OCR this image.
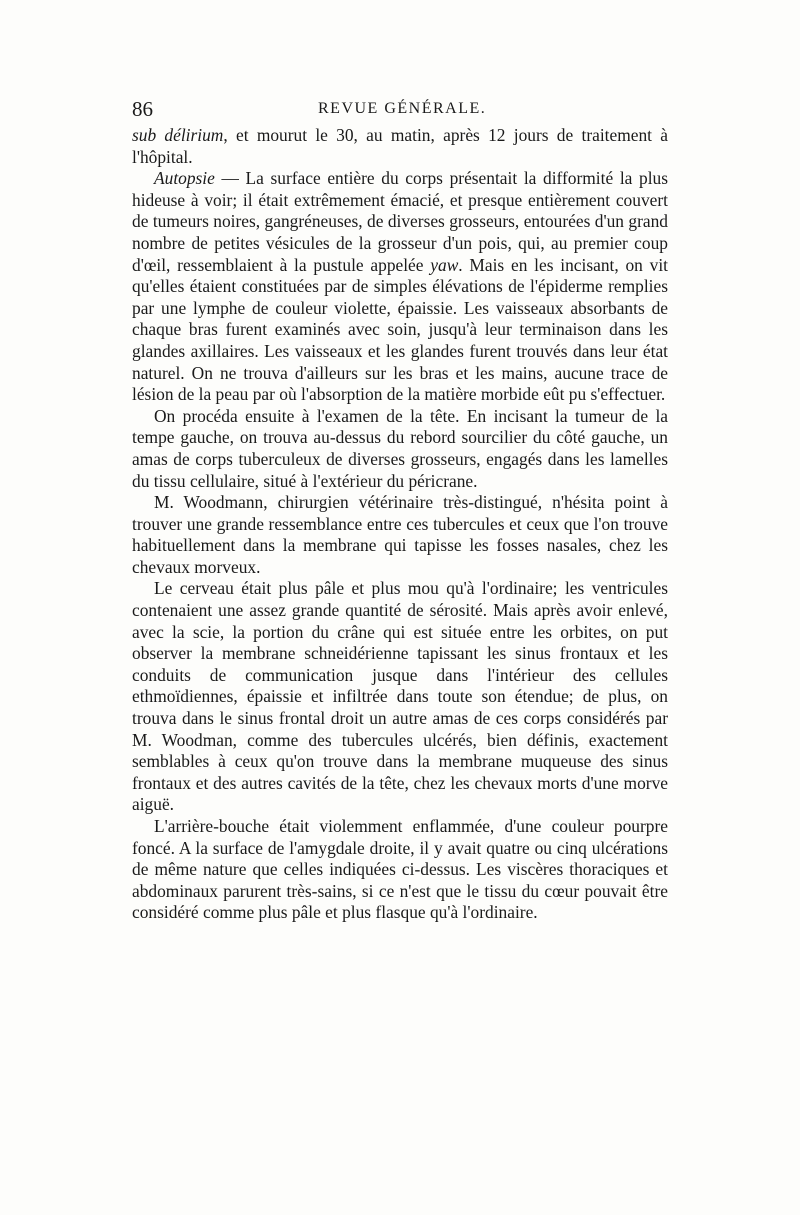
86	REVUE GÉNÉRALE.

sub délirium, et mourut le 30, au matin, après 12 jours de traitement à l'hôpital.

Autopsie — La surface entière du corps présentait la difformité la plus hideuse à voir; il était extrêmement émacié, et presque entièrement couvert de tumeurs noires, gangréneuses, de diverses grosseurs, entourées d'un grand nombre de petites vésicules de la grosseur d'un pois, qui, au premier coup d'œil, ressemblaient à la pustule appelée yaw. Mais en les incisant, on vit qu'elles étaient constituées par de simples élévations de l'épiderme remplies par une lymphe de couleur violette, épaissie. Les vaisseaux absorbants de chaque bras furent examinés avec soin, jusqu'à leur terminaison dans les glandes axillaires. Les vaisseaux et les glandes furent trouvés dans leur état naturel. On ne trouva d'ailleurs sur les bras et les mains, aucune trace de lésion de la peau par où l'absorption de la matière morbide eût pu s'effectuer.

On procéda ensuite à l'examen de la tête. En incisant la tumeur de la tempe gauche, on trouva au-dessus du rebord sourcilier du côté gauche, un amas de corps tuberculeux de diverses grosseurs, engagés dans les lamelles du tissu cellulaire, situé à l'extérieur du péricrane.

M. Woodmann, chirurgien vétérinaire très-distingué, n'hésita point à trouver une grande ressemblance entre ces tubercules et ceux que l'on trouve habituellement dans la membrane qui tapisse les fosses nasales, chez les chevaux morveux.

Le cerveau était plus pâle et plus mou qu'à l'ordinaire; les ventricules contenaient une assez grande quantité de sérosité. Mais après avoir enlevé, avec la scie, la portion du crâne qui est située entre les orbites, on put observer la membrane schneidérienne tapissant les sinus frontaux et les conduits de communication jusque dans l'intérieur des cellules ethmoïdiennes, épaissie et infiltrée dans toute son étendue; de plus, on trouva dans le sinus frontal droit un autre amas de ces corps considérés par M. Woodman, comme des tubercules ulcérés, bien définis, exactement semblables à ceux qu'on trouve dans la membrane muqueuse des sinus frontaux et des autres cavités de la tête, chez les chevaux morts d'une morve aiguë.

L'arrière-bouche était violemment enflammée, d'une couleur pourpre foncé. A la surface de l'amygdale droite, il y avait quatre ou cinq ulcérations de même nature que celles indiquées ci-dessus. Les viscères thoraciques et abdominaux parurent très-sains, si ce n'est que le tissu du cœur pouvait être considéré comme plus pâle et plus flasque qu'à l'ordinaire.
